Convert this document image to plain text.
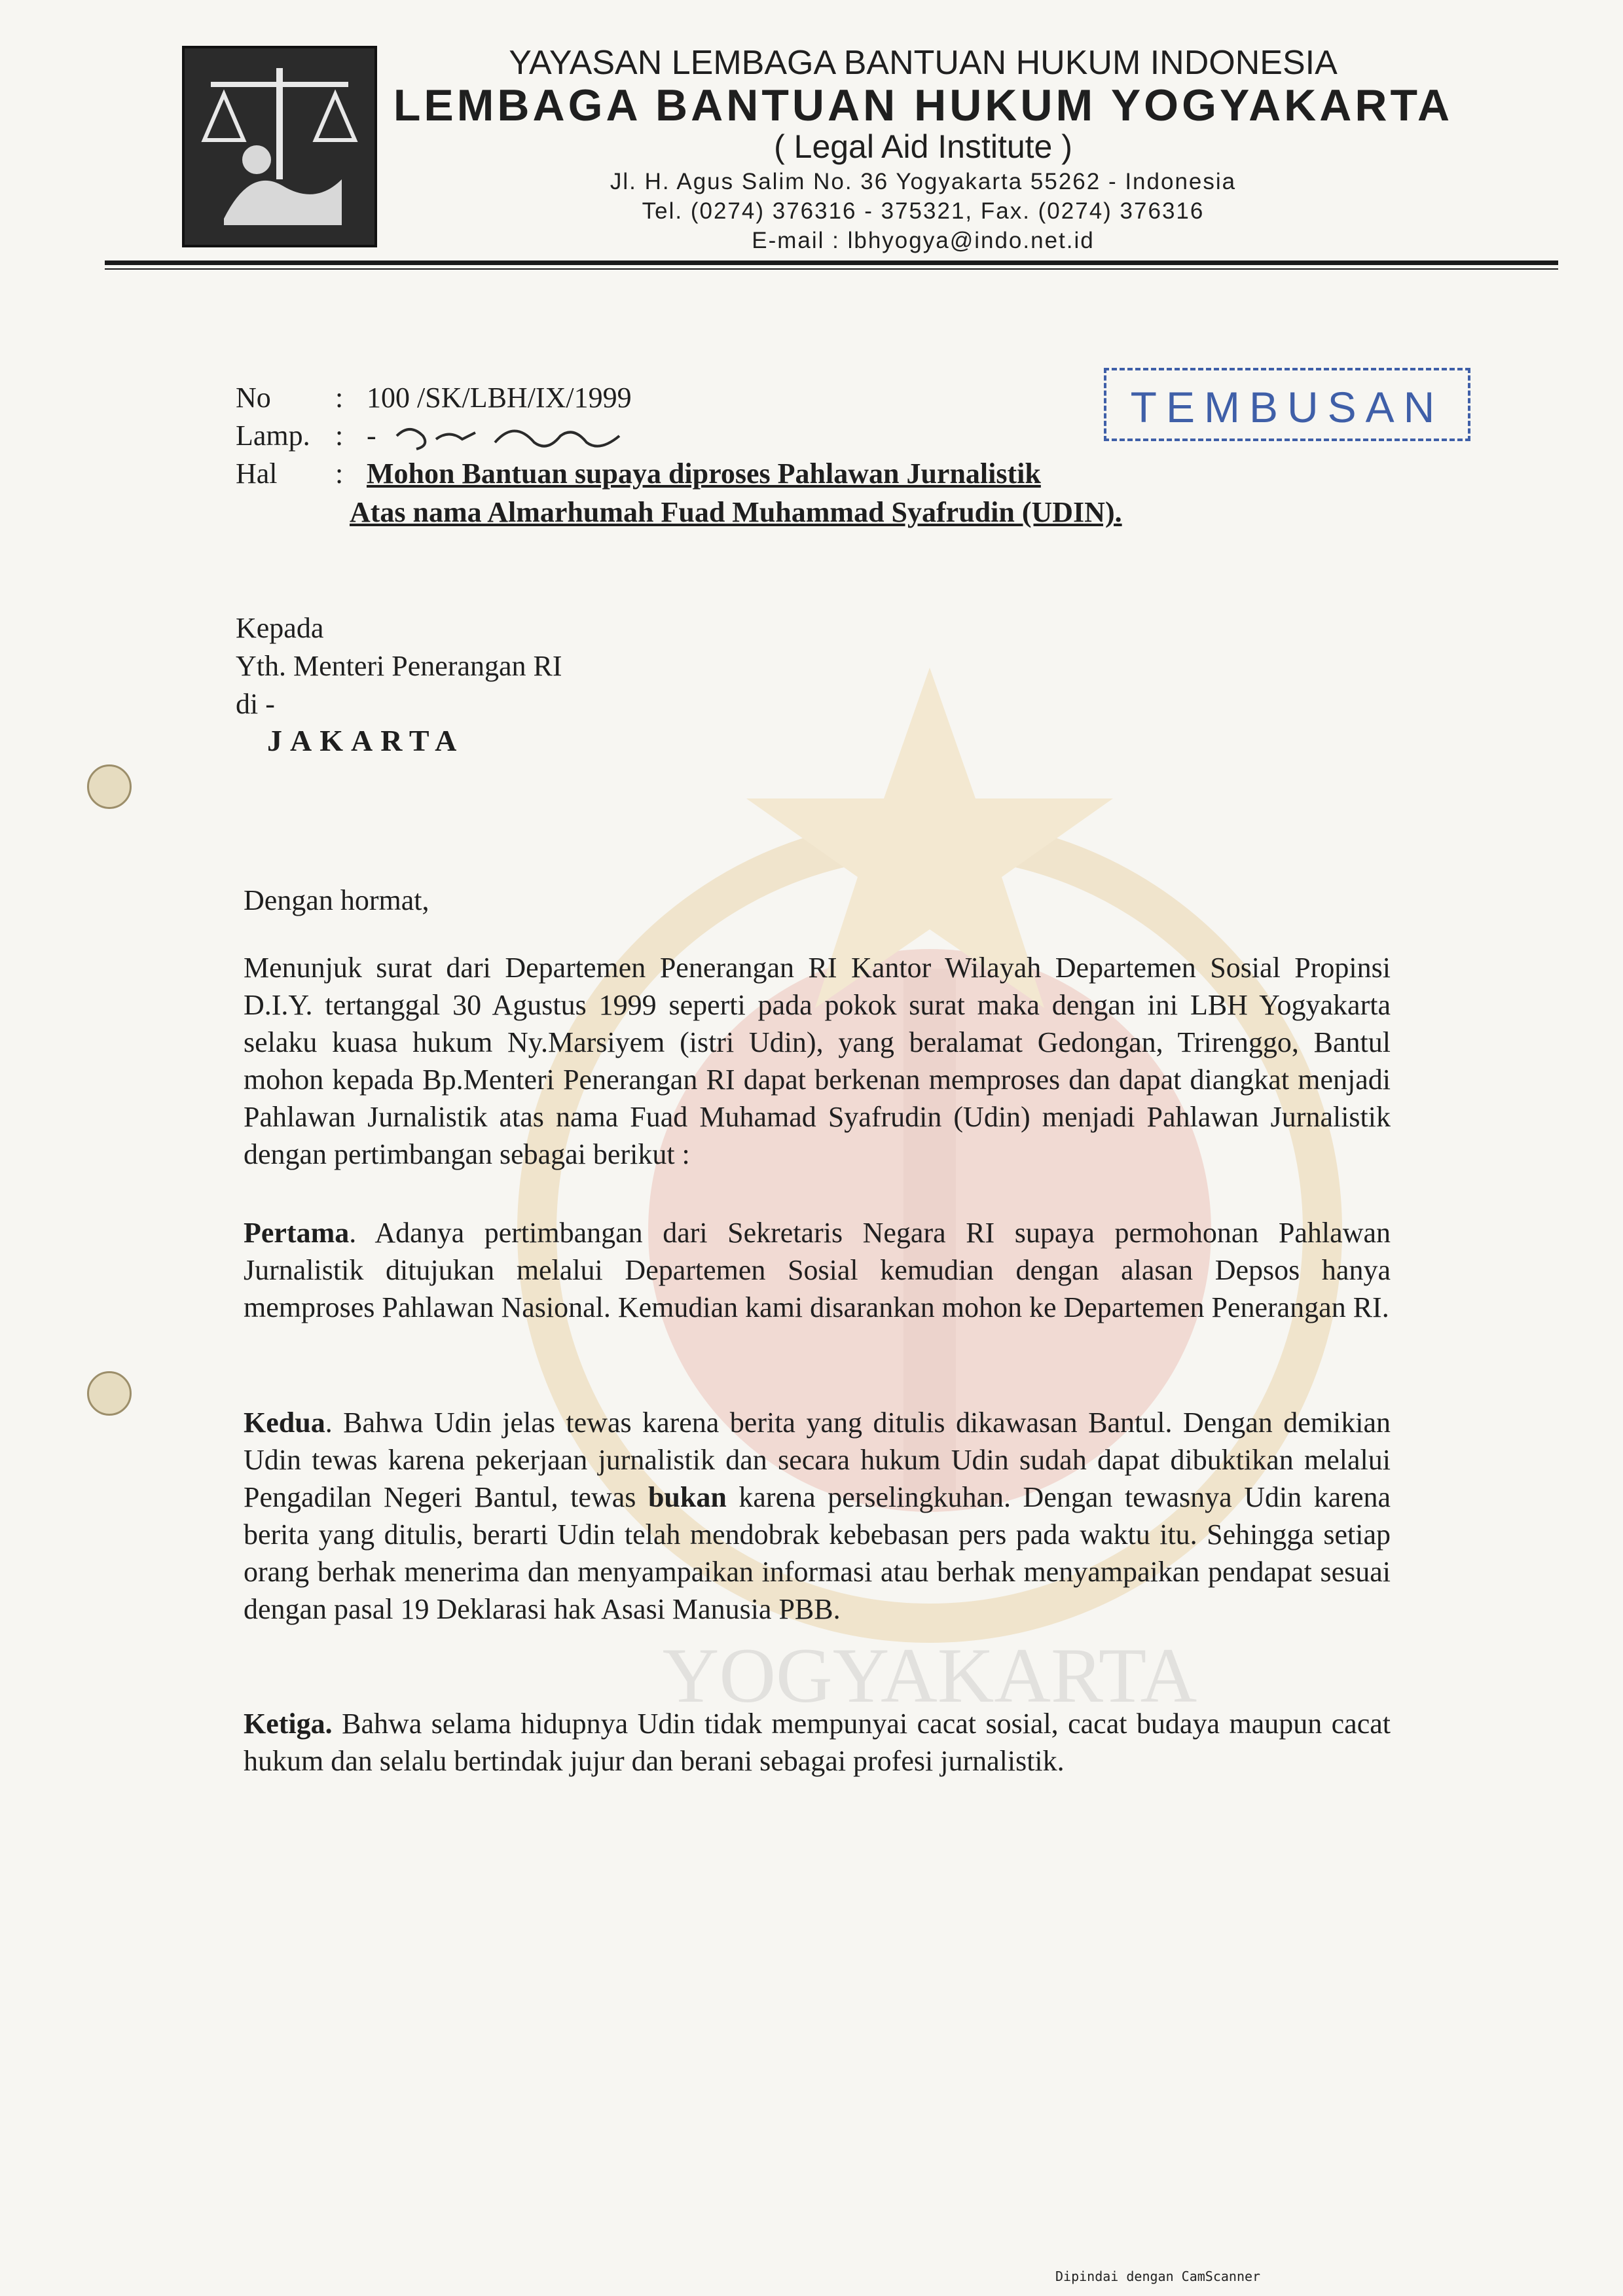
YOGYAKARTA
YAYASAN LEMBAGA BANTUAN HUKUM INDONESIA
LEMBAGA BANTUAN HUKUM YOGYAKARTA
( Legal Aid Institute )
Jl. H. Agus Salim No. 36 Yogyakarta 55262 - Indonesia
Tel. (0274) 376316 - 375321, Fax. (0274) 376316
E-mail : lbhyogya@indo.net.id
TEMBUSAN
No : 100 /SK/LBH/IX/1999
Lamp. : -
Hal : Mohon Bantuan supaya diproses Pahlawan Jurnalistik
Atas nama Almarhumah Fuad Muhammad Syafrudin (UDIN).
Kepada
Yth. Menteri Penerangan RI
di -
JAKARTA
Dengan hormat,
Menunjuk surat dari Departemen Penerangan RI Kantor Wilayah Departemen Sosial Propinsi D.I.Y. tertanggal 30 Agustus 1999 seperti pada pokok surat maka dengan ini LBH Yogyakarta selaku kuasa hukum Ny.Marsiyem (istri Udin), yang beralamat Gedongan, Trirenggo, Bantul mohon kepada Bp.Menteri Penerangan RI dapat berkenan memproses dan dapat diangkat menjadi Pahlawan Jurnalistik atas nama Fuad Muhamad Syafrudin (Udin) menjadi Pahlawan Jurnalistik dengan pertimbangan sebagai berikut :
Pertama. Adanya pertimbangan dari Sekretaris Negara RI supaya permohonan Pahlawan Jurnalistik ditujukan melalui Departemen Sosial kemudian dengan alasan Depsos hanya memproses Pahlawan Nasional. Kemudian kami disarankan mohon ke Departemen Penerangan RI.
Kedua. Bahwa Udin jelas tewas karena berita yang ditulis dikawasan Bantul. Dengan demikian Udin tewas karena pekerjaan jurnalistik dan secara hukum Udin sudah dapat dibuktikan melalui Pengadilan Negeri Bantul, tewas bukan karena perselingkuhan. Dengan tewasnya Udin karena berita yang ditulis, berarti Udin telah mendobrak kebebasan pers pada waktu itu. Sehingga setiap orang berhak menerima dan menyampaikan informasi atau berhak menyampaikan pendapat sesuai dengan pasal 19 Deklarasi hak Asasi Manusia PBB.
Ketiga. Bahwa selama hidupnya Udin tidak mempunyai cacat sosial, cacat budaya maupun cacat hukum dan selalu bertindak jujur dan berani sebagai profesi jurnalistik.
Dipindai dengan CamScanner
